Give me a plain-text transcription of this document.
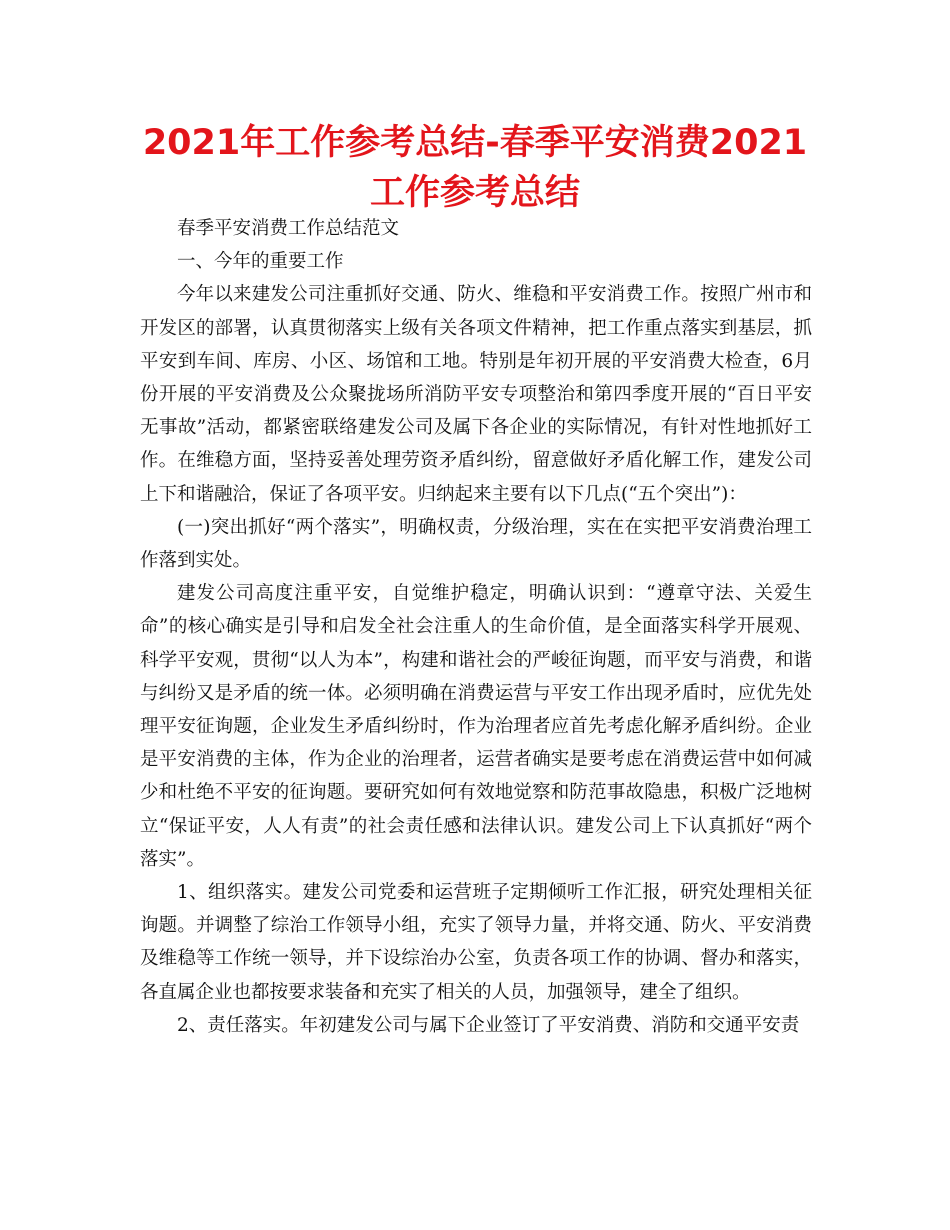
2021年工作参考总结-春季平安消费2021工作参考总结

春季平安消费工作总结范文

一、今年的重要工作

今年以来建发公司注重抓好交通、防火、维稳和平安消费工作。按照广州市和开发区的部署，认真贯彻落实上级有关各项文件精神，把工作重点落实到基层，抓平安到车间、库房、小区、场馆和工地。特别是年初开展的平安消费大检查，6月份开展的平安消费及公众聚拢场所消防平安专项整治和第四季度开展的“百日平安无事故”活动，都紧密联络建发公司及属下各企业的实际情况，有针对性地抓好工作。在维稳方面，坚持妥善处理劳资矛盾纠纷，留意做好矛盾化解工作，建发公司上下和谐融洽，保证了各项平安。归纳起来主要有以下几点(“五个突出”)：

(一)突出抓好“两个落实”，明确权责，分级治理，实在在实把平安消费治理工作落到实处。

建发公司高度注重平安，自觉维护稳定，明确认识到：“遵章守法、关爱生命”的核心确实是引导和启发全社会注重人的生命价值，是全面落实科学开展观、科学平安观，贯彻“以人为本”，构建和谐社会的严峻征询题，而平安与消费，和谐与纠纷又是矛盾的统一体。必须明确在消费运营与平安工作出现矛盾时，应优先处理平安征询题，企业发生矛盾纠纷时，作为治理者应首先考虑化解矛盾纠纷。企业是平安消费的主体，作为企业的治理者，运营者确实是要考虑在消费运营中如何减少和杜绝不平安的征询题。要研究如何有效地觉察和防范事故隐患，积极广泛地树立“保证平安，人人有责”的社会责任感和法律认识。建发公司上下认真抓好“两个落实”。

1、组织落实。建发公司党委和运营班子定期倾听工作汇报，研究处理相关征询题。并调整了综治工作领导小组，充实了领导力量，并将交通、防火、平安消费及维稳等工作统一领导，并下设综治办公室，负责各项工作的协调、督办和落实，各直属企业也都按要求装备和充实了相关的人员，加强领导，建全了组织。

2、责任落实。年初建发公司与属下企业签订了平安消费、消防和交通平安责
